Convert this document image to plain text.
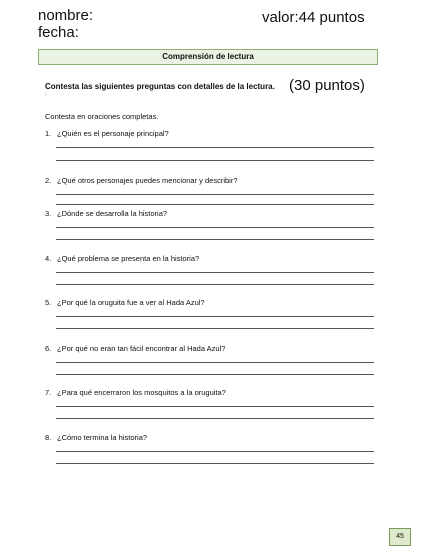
nombre:
fecha:
valor:44 puntos
Comprensión de lectura
Contesta las siguientes preguntas con detalles de la lectura. (30 puntos)
r · · · · · · · · · · · ·
Contesta en oraciones completas.
1. ¿Quién es el personaje principal?
2. ¿Qué otros personajes puedes mencionar y describir?
3. ¿Dónde se desarrolla la historia?
4. ¿Qué problema se presenta en la historia?
5. ¿Por qué la oruguita fue a ver al Hada Azul?
6. ¿Por qué no eran tan fácil encontrar al Hada Azul?
7. ¿Para qué encerraron los mosquitos a la oruguita?
8. ¿Cómo termina la historia?
45
